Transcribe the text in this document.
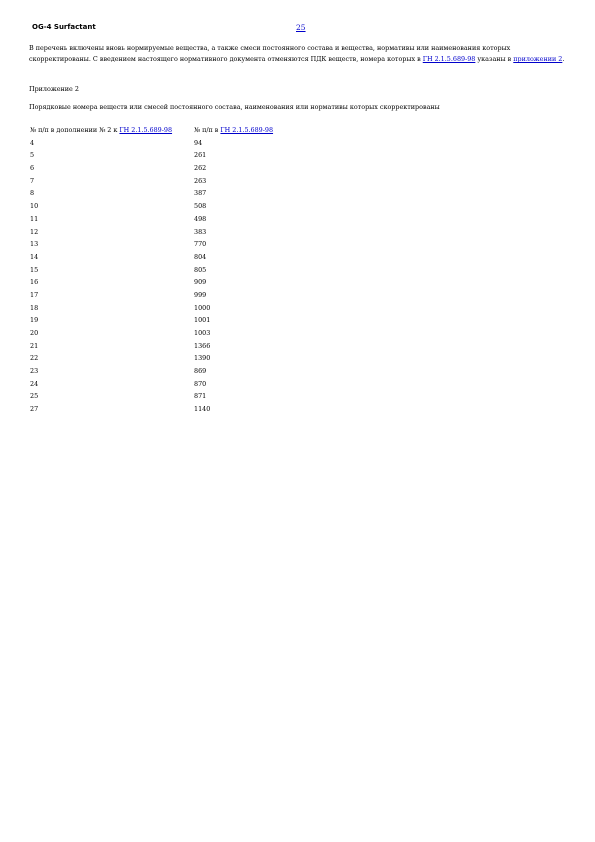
OG-4 Surfactant	25
В перечень включены вновь нормируемые вещества, а также смеси постоянного состава и вещества, нормативы или наименования которых скорректированы. С введением настоящего нормативного документа отменяются ПДК веществ, номера которых в ГН 2.1.5.689-98 указаны в приложении 2.
Приложение 2
Порядковые номера веществ или смесей постоянного состава, наименования или нормативы которых скорректированы
№ п/п в дополнении № 2 к ГН 2.1.5.689-98	№ п/п в ГН 2.1.5.689-98
4	94
5	261
6	262
7	263
8	387
10	508
11	498
12	383
13	770
14	804
15	805
16	909
17	999
18	1000
19	1001
20	1003
21	1366
22	1390
23	869
24	870
25	871
27	1140
